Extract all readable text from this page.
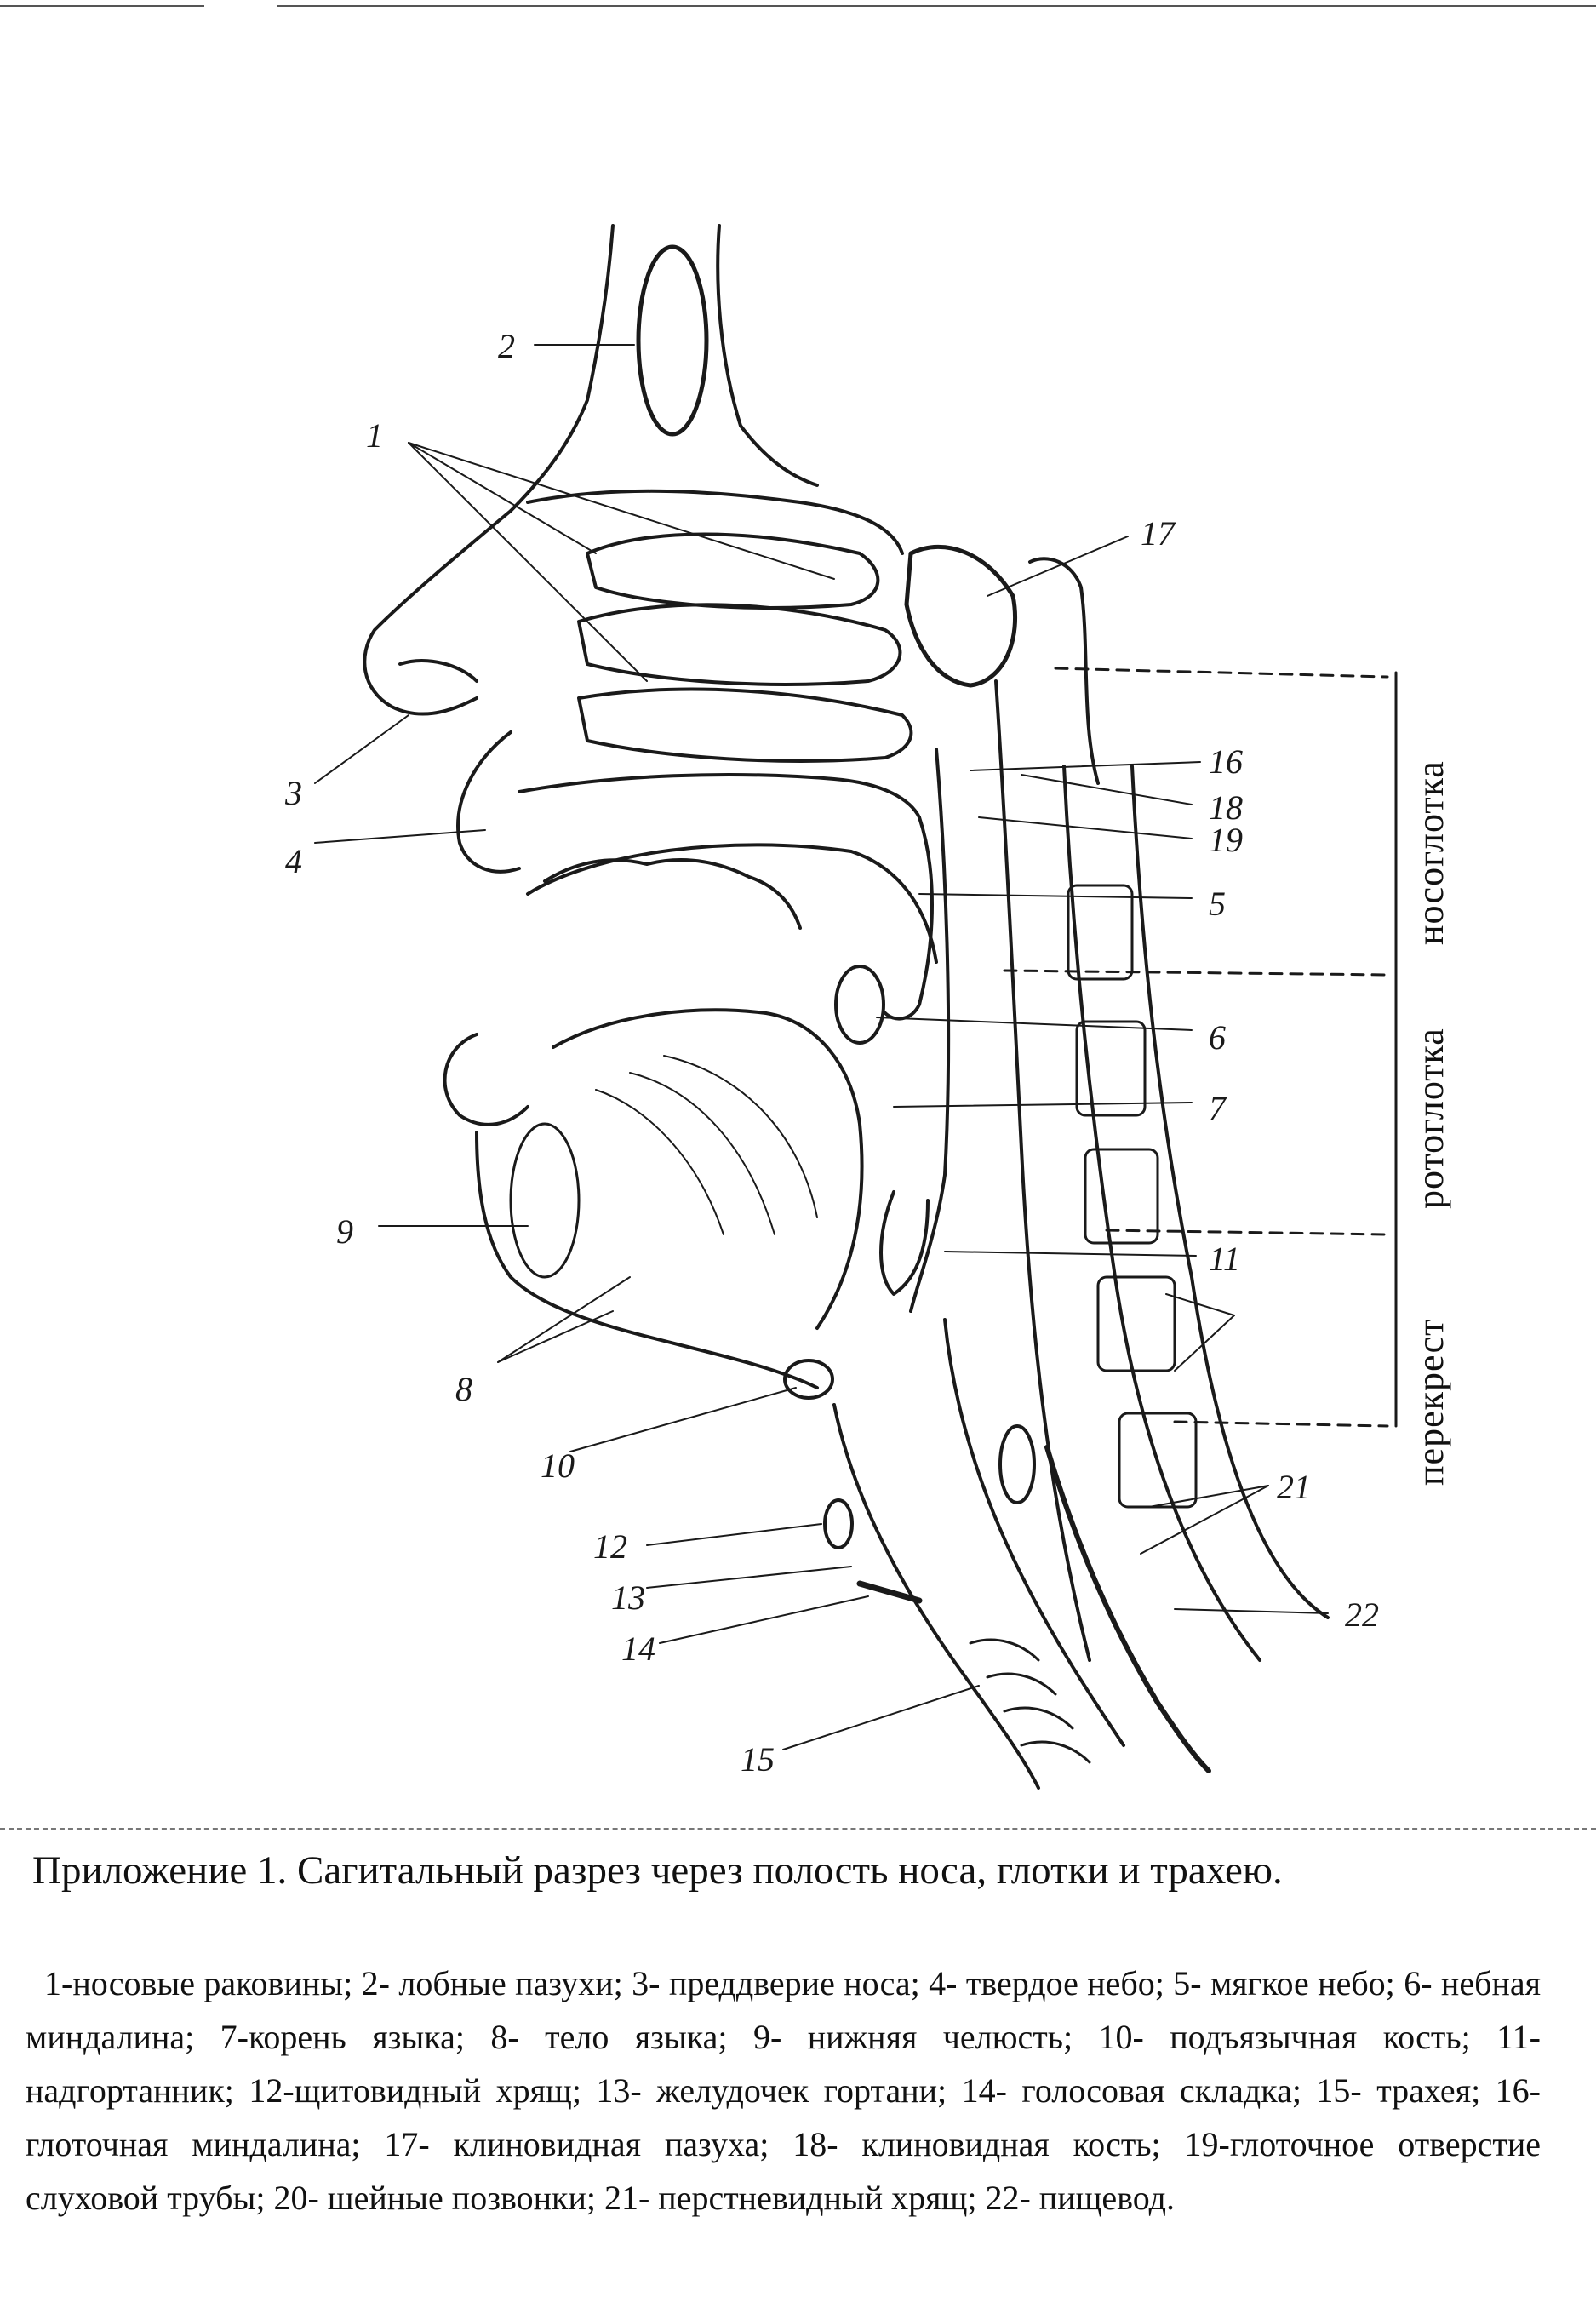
1
2
3
4
5
6
7
8
9
10
11
12
13
14
15
16
17
18
19
21
22
носоглотка
ротоглотка
перекрест
Приложение 1. Сагитальный разрез через полость носа, глотки и трахею.
1-носовые раковины; 2- лобные пазухи; 3- преддверие носа; 4- твердое небо; 5- мягкое небо; 6- небная миндалина; 7-корень языка; 8- тело языка; 9- нижняя челюсть; 10- подъязычная кость; 11- надгортанник; 12-щитовидный хрящ; 13- желудочек гортани; 14- голосовая складка; 15- трахея; 16- глоточная миндалина; 17- клиновидная пазуха; 18- клиновидная кость; 19-глоточное отверстие слуховой трубы; 20- шейные позвонки; 21- перстневидный хрящ; 22- пищевод.
